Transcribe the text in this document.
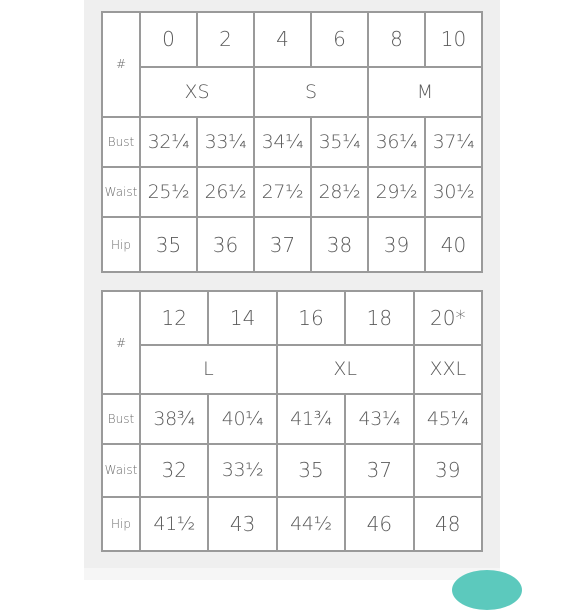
#	0	2	4	6	8	10
	XS		S		M	
Bust	32¼	33¼	34¼	35¼	36¼	37¼
Waist	25½	26½	27½	28½	29½	30½
Hip	35	36	37	38	39	40
#	12	14	16	18	20*
	L		XL		XXL
Bust	38¾	40¼	41¾	43¼	45¼
Waist	32	33½	35	37	39
Hip	41½	43	44½	46	48
